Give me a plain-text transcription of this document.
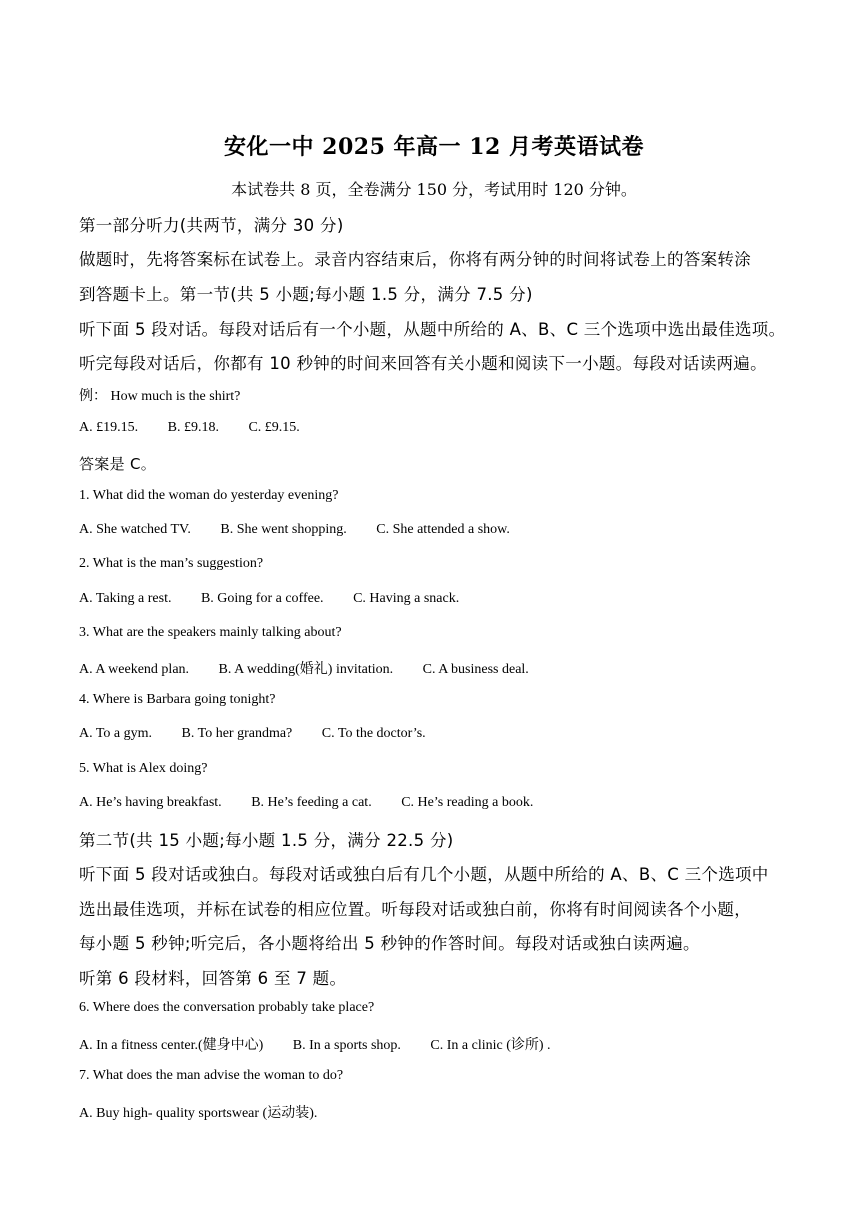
安化一中 2025 年高一 12 月考英语试卷
本试卷共 8 页，全卷满分 150 分，考试用时 120 分钟。
第一部分听力(共两节，满分 30 分)
做题时，先将答案标在试卷上。录音内容结束后，你将有两分钟的时间将试卷上的答案转涂
到答题卡上。第一节(共 5 小题;每小题 1.5 分，满分 7.5 分)
听下面 5 段对话。每段对话后有一个小题，从题中所给的 A、B、C 三个选项中选出最佳选项。
听完每段对话后，你都有 10 秒钟的时间来回答有关小题和阅读下一小题。每段对话读两遍。
例： How much is the shirt?
A. £19.15. B. £9.18. C. £9.15.
答案是 C。
1. What did the woman do yesterday evening?
A. She watched TV. B. She went shopping. C. She attended a show.
2. What is the man’s suggestion?
A. Taking a rest. B. Going for a coffee. C. Having a snack.
3. What are the speakers mainly talking about?
A. A weekend plan. B. A wedding(婚礼) invitation. C. A business deal.
4. Where is Barbara going tonight?
A. To a gym. B. To her grandma? C. To the doctor’s.
5. What is Alex doing?
A. He’s having breakfast. B. He’s feeding a cat. C. He’s reading a book.
第二节(共 15 小题;每小题 1.5 分，满分 22.5 分)
听下面 5 段对话或独白。每段对话或独白后有几个小题，从题中所给的 A、B、C 三个选项中
选出最佳选项，并标在试卷的相应位置。听每段对话或独白前，你将有时间阅读各个小题，
每小题 5 秒钟;听完后，各小题将给出 5 秒钟的作答时间。每段对话或独白读两遍。
听第 6 段材料，回答第 6 至 7 题。
6. Where does the conversation probably take place?
A. In a fitness center.(健身中心) B. In a sports shop. C. In a clinic (诊所) .
7. What does the man advise the woman to do?
A. Buy high- quality sportswear (运动装).
